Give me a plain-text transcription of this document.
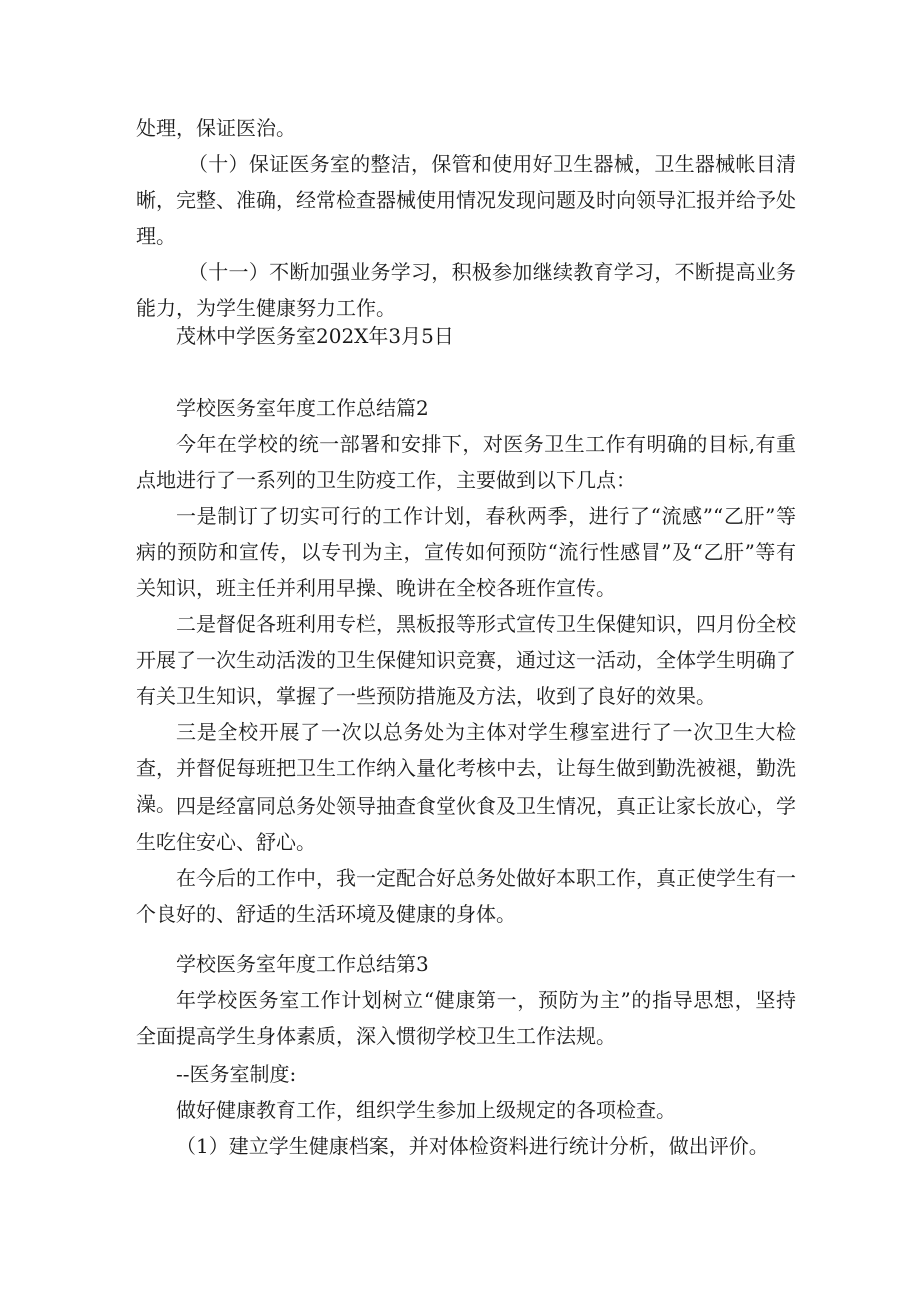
处理，保证医治。

（十）保证医务室的整洁，保管和使用好卫生器械，卫生器械帐目清晰，完整、准确，经常检查器械使用情况发现问题及时向领导汇报并给予处理。

（十一）不断加强业务学习，积极参加继续教育学习，不断提高业务能力，为学生健康努力工作。

茂林中学医务室202X年3月5日

学校医务室年度工作总结篇2

今年在学校的统一部署和安排下，对医务卫生工作有明确的目标,有重点地进行了一系列的卫生防疫工作，主要做到以下几点：

一是制订了切实可行的工作计划，春秋两季，进行了“流感”“乙肝”等病的预防和宣传，以专刊为主，宣传如何预防“流行性感冒”及“乙肝”等有关知识，班主任并利用早操、晚讲在全校各班作宣传。

二是督促各班利用专栏，黑板报等形式宣传卫生保健知识，四月份全校开展了一次生动活泼的卫生保健知识竞赛，通过这一活动，全体学生明确了有关卫生知识，掌握了一些预防措施及方法，收到了良好的效果。

三是全校开展了一次以总务处为主体对学生穆室进行了一次卫生大检查，并督促每班把卫生工作纳入量化考核中去，让每生做到勤洗被褪，勤洗澡。 四是经富同总务处领导抽查食堂伙食及卫生情况，真正让家长放心，学生吃住安心、舒心。

在今后的工作中，我一定配合好总务处做好本职工作，真正使学生有一个良好的、舒适的生活环境及健康的身体。

学校医务室年度工作总结第3

年学校医务室工作计划树立“健康第一，预防为主”的指导思想，坚持全面提高学生身体素质，深入惯彻学校卫生工作法规。

--医务室制度:

做好健康教育工作，组织学生参加上级规定的各项检查。

（1）建立学生健康档案，并对体检资料进行统计分析，做出评价。
